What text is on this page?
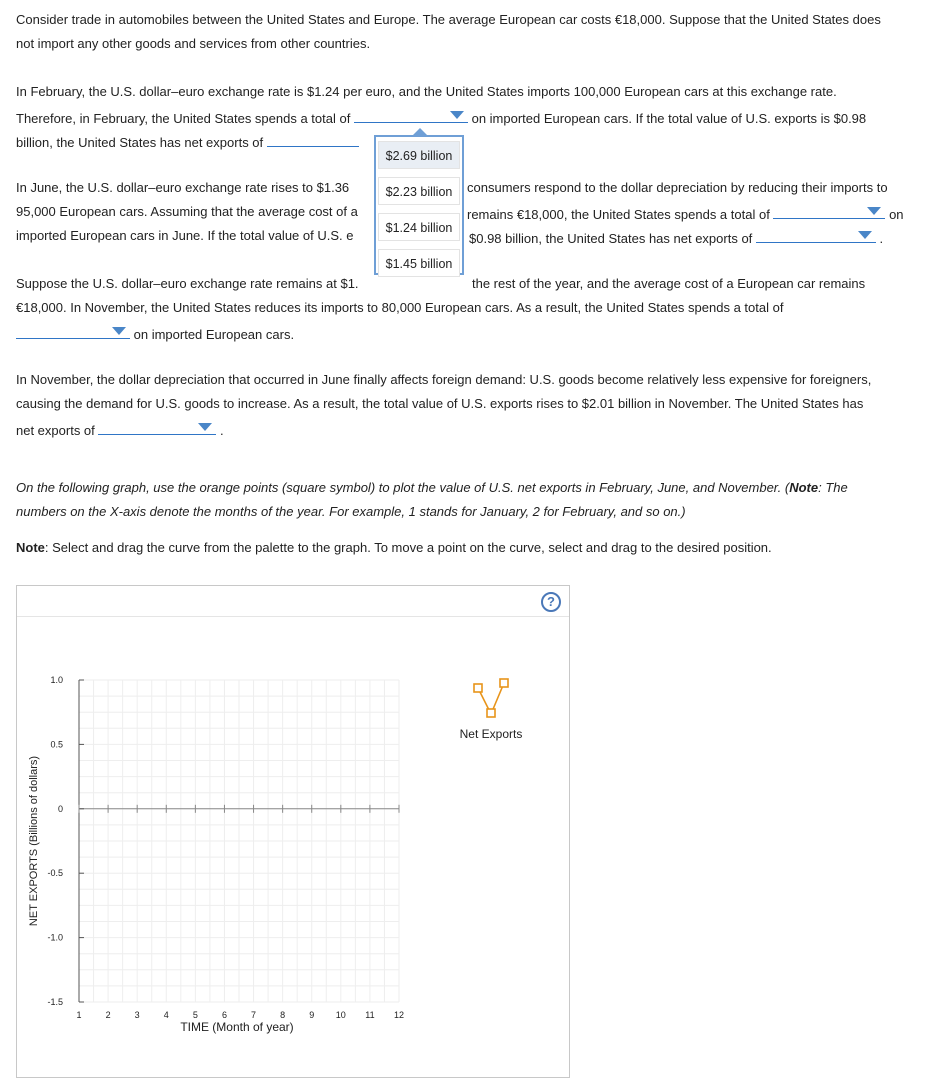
Consider trade in automobiles between the United States and Europe. The average European car costs €18,000. Suppose that the United States does
not import any other goods and services from other countries.
In February, the U.S. dollar–euro exchange rate is $1.24 per euro, and the United States imports 100,000 European cars at this exchange rate.
Therefore, in February, the United States spends a total of	on imported European cars. If the total value of U.S. exports is $0.98
billion, the United States has net exports of
In June, the U.S. dollar–euro exchange rate rises to $1.36	consumers respond to the dollar depreciation by reducing their imports to
95,000 European cars. Assuming that the average cost of a	remains €18,000, the United States spends a total of	on
imported European cars in June. If the total value of U.S. e	$0.98 billion, the United States has net exports of	.
Suppose the U.S. dollar–euro exchange rate remains at $1.	the rest of the year, and the average cost of a European car remains
€18,000. In November, the United States reduces its imports to 80,000 European cars. As a result, the United States spends a total of
on imported European cars.
In November, the dollar depreciation that occurred in June finally affects foreign demand: U.S. goods become relatively less expensive for foreigners,
causing the demand for U.S. goods to increase. As a result, the total value of U.S. exports rises to $2.01 billion in November. The United States has
net exports of	.
On the following graph, use the orange points (square symbol) to plot the value of U.S. net exports in February, June, and November. (Note: The
numbers on the X-axis denote the months of the year. For example, 1 stands for January, 2 for February, and so on.)
Note: Select and drag the curve from the palette to the graph. To move a point on the curve, select and drag to the desired position.
$2.69 billion
$2.23 billion
$1.24 billion
$1.45 billion
?
1.0
0.5
0
-0.5
-1.0
-1.5
1	2	3	4	5	6	7	8	9 10 11 12
TIME (Month of year)
NET EXPORTS (Billions of dollars)
Net Exports
